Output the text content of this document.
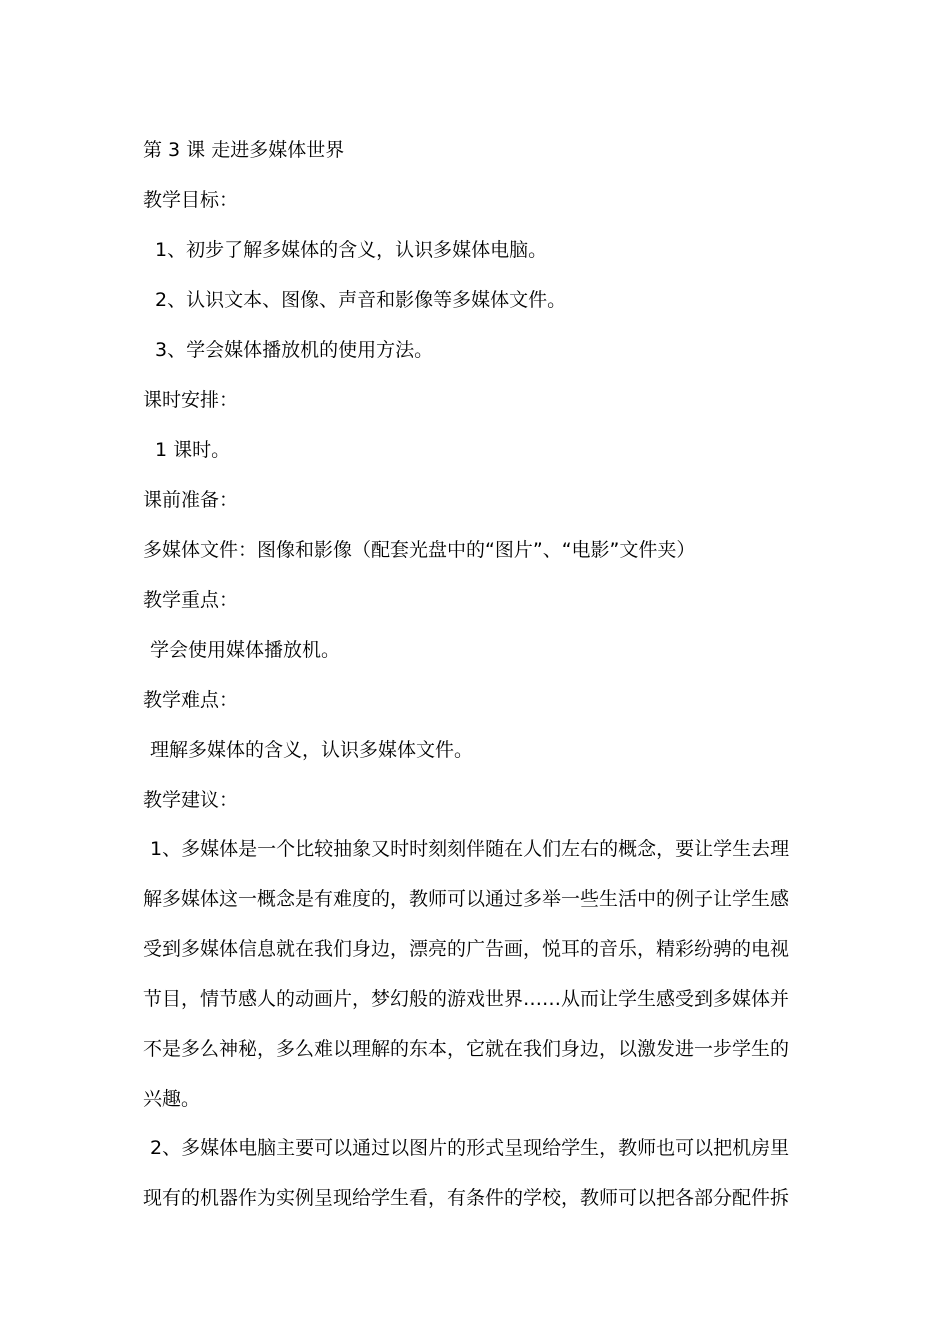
第 3 课 走进多媒体世界
教学目标：
1、初步了解多媒体的含义，认识多媒体电脑。
2、认识文本、图像、声音和影像等多媒体文件。
3、学会媒体播放机的使用方法。
课时安排：
1 课时。
课前准备：
多媒体文件：图像和影像（配套光盘中的“图片”、“电影”文件夹）
教学重点：
学会使用媒体播放机。
教学难点：
理解多媒体的含义，认识多媒体文件。
教学建议：
1、多媒体是一个比较抽象又时时刻刻伴随在人们左右的概念，要让学生去理
解多媒体这一概念是有难度的，教师可以通过多举一些生活中的例子让学生感
受到多媒体信息就在我们身边，漂亮的广告画，悦耳的音乐，精彩纷骋的电视
节目，情节感人的动画片，梦幻般的游戏世界……从而让学生感受到多媒体并
不是多么神秘，多么难以理解的东本，它就在我们身边，以激发进一步学生的
兴趣。
2、多媒体电脑主要可以通过以图片的形式呈现给学生，教师也可以把机房里
现有的机器作为实例呈现给学生看，有条件的学校，教师可以把各部分配件拆
